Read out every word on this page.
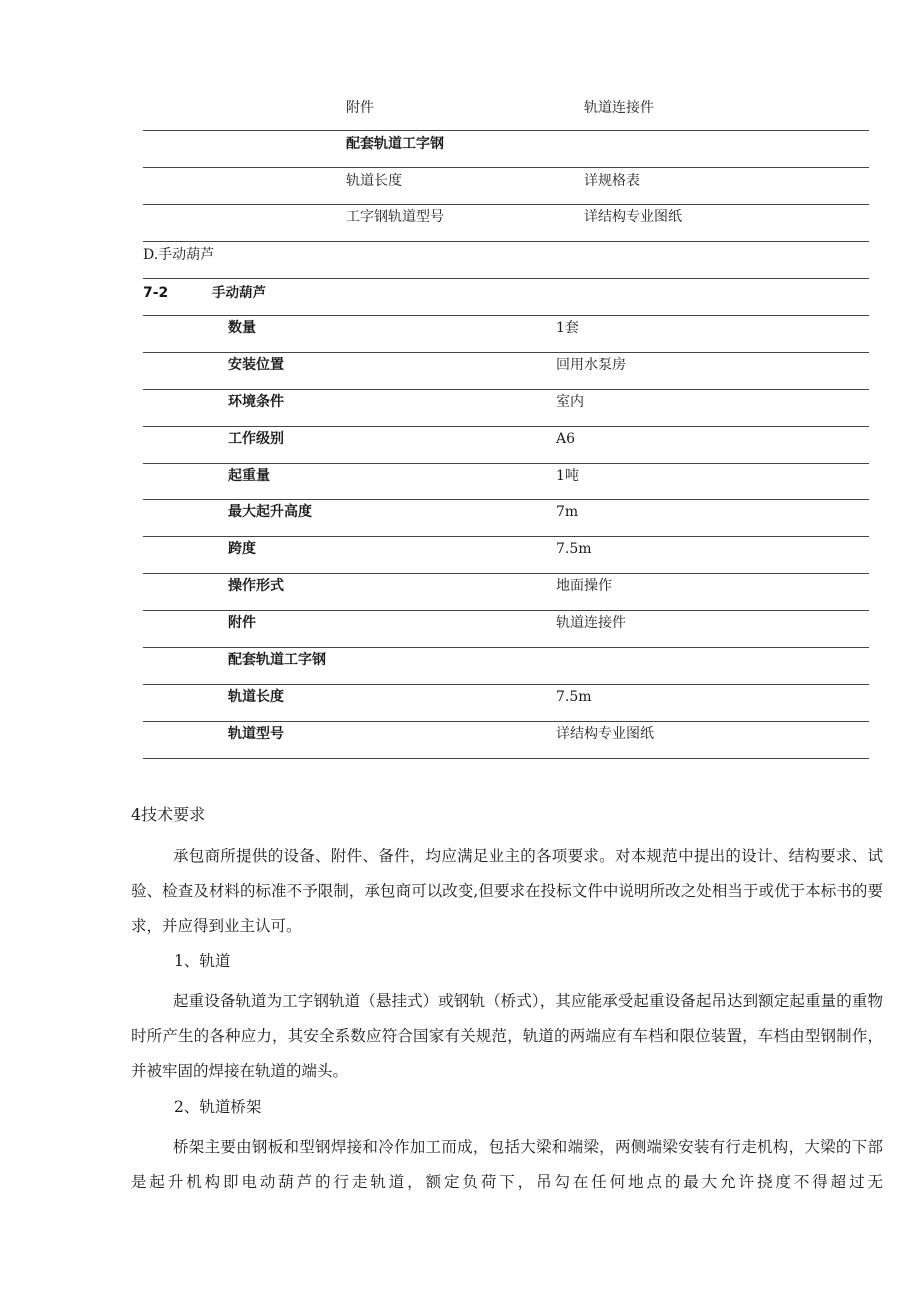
附件	轨道连接件
配套轨道工字钢
轨道长度	详规格表
工字钢轨道型号	详结构专业图纸
D.手动葫芦
7-2	手动葫芦
数量	1套
安装位置	回用水泵房
环境条件	室内
工作级别	A6
起重量	1吨
最大起升高度	7m
跨度	7.5m
操作形式	地面操作
附件	轨道连接件
配套轨道工字钢
轨道长度	7.5m
轨道型号	详结构专业图纸
4技术要求

承包商所提供的设备、附件、备件，均应满足业主的各项要求。对本规范中提出的设计、结构要求、试验、检查及材料的标准不予限制，承包商可以改变,但要求在投标文件中说明所改之处相当于或优于本标书的要求，并应得到业主认可。

1、轨道

起重设备轨道为工字钢轨道（悬挂式）或钢轨（桥式），其应能承受起重设备起吊达到额定起重量的重物时所产生的各种应力，其安全系数应符合国家有关规范，轨道的两端应有车档和限位装置，车档由型钢制作，并被牢固的焊接在轨道的端头。

2、轨道桥架

桥架主要由钢板和型钢焊接和冷作加工而成，包括大梁和端梁，两侧端梁安装有行走机构，大梁的下部是起升机构即电动葫芦的行走轨道，额定负荷下，吊勾在任何地点的最大允许挠度不得超过无
